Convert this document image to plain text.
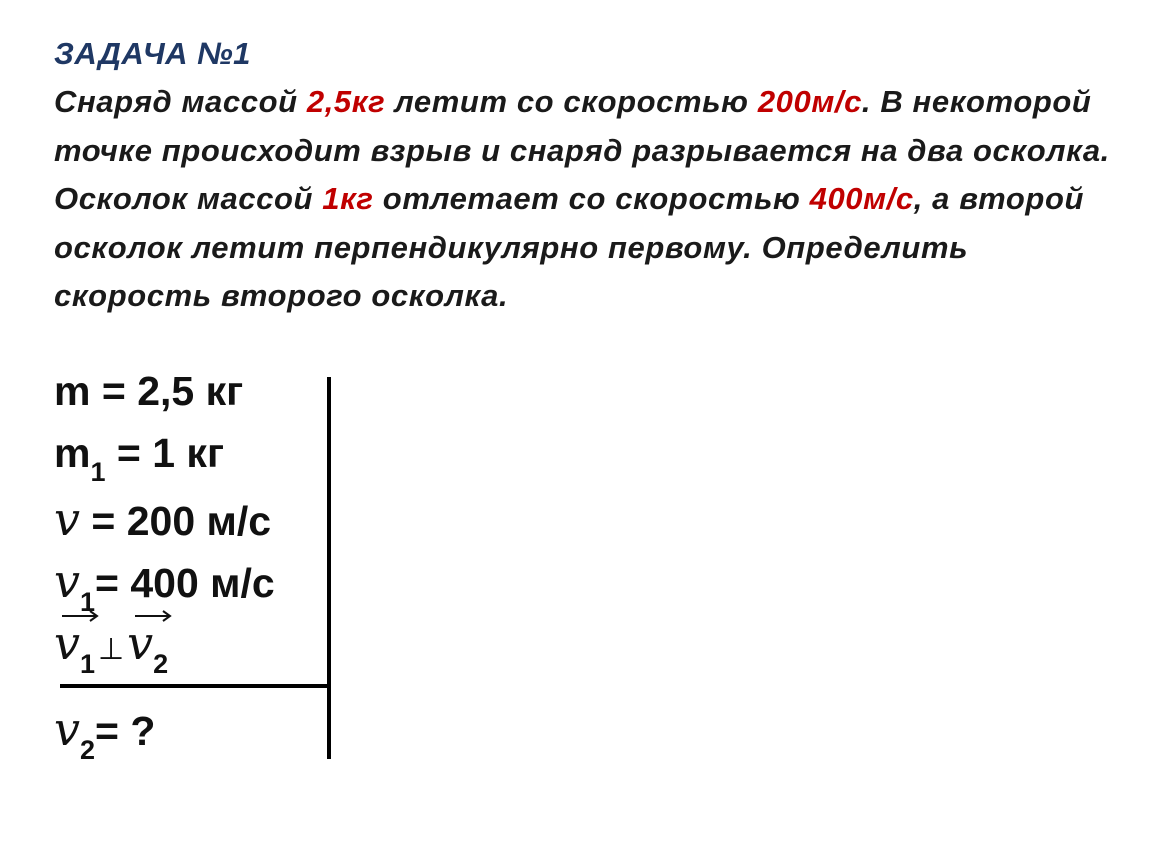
ЗАДАЧА №1
Снаряд массой 2,5кг летит со скоростью 200м/с. В некоторой точке происходит взрыв и снаряд разрывается на два осколка. Осколок массой 1кг отлетает со скоростью 400м/с, а второй осколок летит перпендикулярно первому. Определить скорость второго осколка.
m = 2,5 кг
$m_1 = 1$ кг
v = 200 м/с
$v_1= 400$ м/с
$v_1$ ⊥
$v_2$
$v_2=$ ?
